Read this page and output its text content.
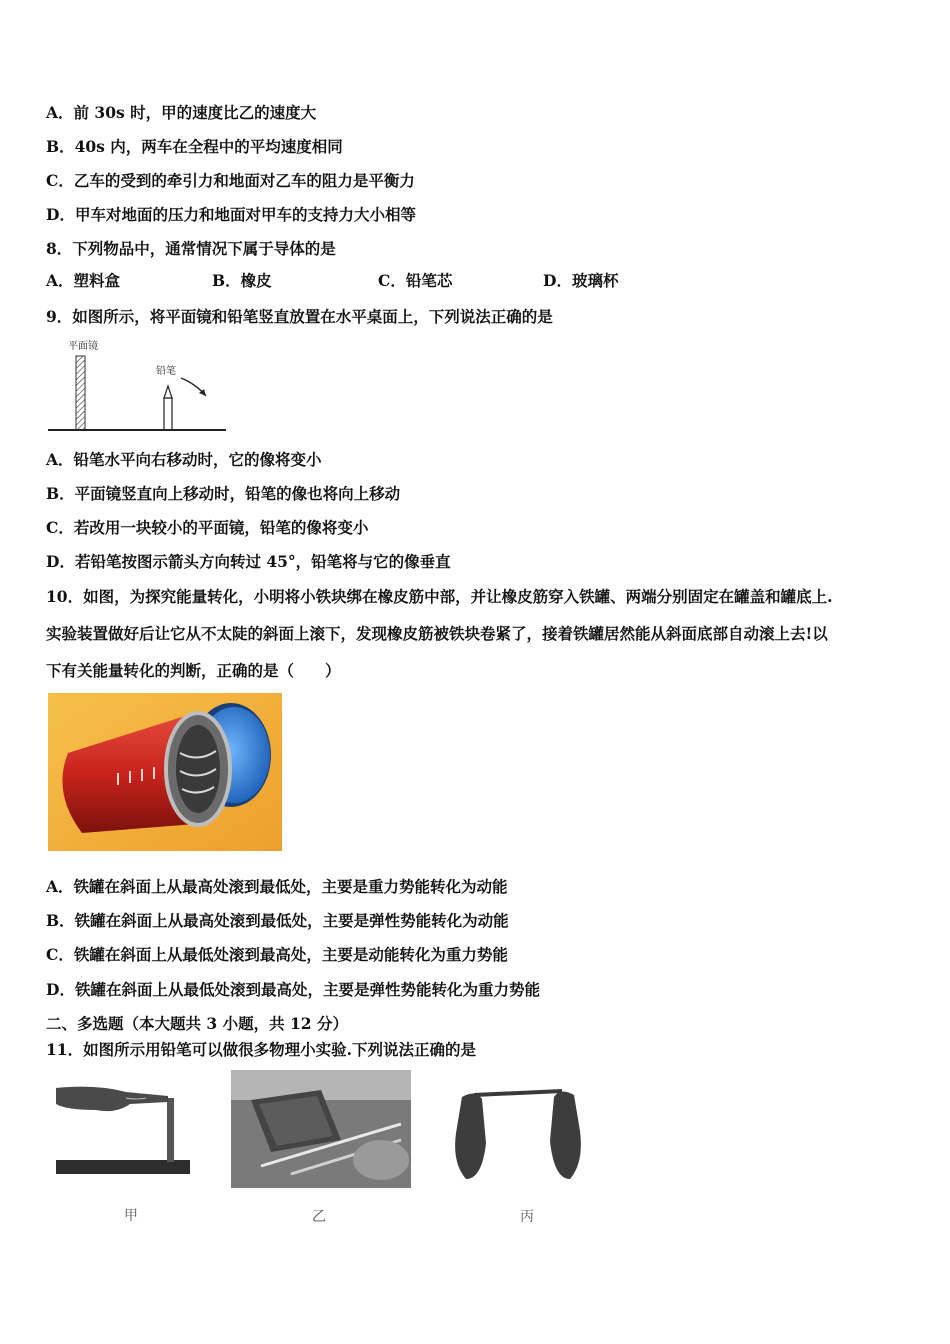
A．前 30s 时，甲的速度比乙的速度大
B．40s 内，两车在全程中的平均速度相同
C．乙车的受到的牵引力和地面对乙车的阻力是平衡力
D．甲车对地面的压力和地面对甲车的支持力大小相等
8．下列物品中，通常情况下属于导体的是
A．塑料盒	B．橡皮	C．铅笔芯	D．玻璃杯
9．如图所示，将平面镜和铅笔竖直放置在水平桌面上，下列说法正确的是
平面镜
铅笔
A．铅笔水平向右移动时，它的像将变小
B．平面镜竖直向上移动时，铅笔的像也将向上移动
C．若改用一块较小的平面镜，铅笔的像将变小
D．若铅笔按图示箭头方向转过 45°，铅笔将与它的像垂直
10．如图，为探究能量转化，小明将小铁块绑在橡皮筋中部，并让橡皮筋穿入铁罐、两端分别固定在罐盖和罐底上.
实验装置做好后让它从不太陡的斜面上滚下，发现橡皮筋被铁块卷紧了，接着铁罐居然能从斜面底部自动滚上去!以
下有关能量转化的判断，正确的是（　　）
A．铁罐在斜面上从最高处滚到最低处，主要是重力势能转化为动能
B．铁罐在斜面上从最高处滚到最低处，主要是弹性势能转化为动能
C．铁罐在斜面上从最低处滚到最高处，主要是动能转化为重力势能
D．铁罐在斜面上从最低处滚到最高处，主要是弹性势能转化为重力势能
二、多选题（本大题共 3 小题，共 12 分）
11．如图所示用铅笔可以做很多物理小实验.下列说法正确的是
甲	乙	丙
